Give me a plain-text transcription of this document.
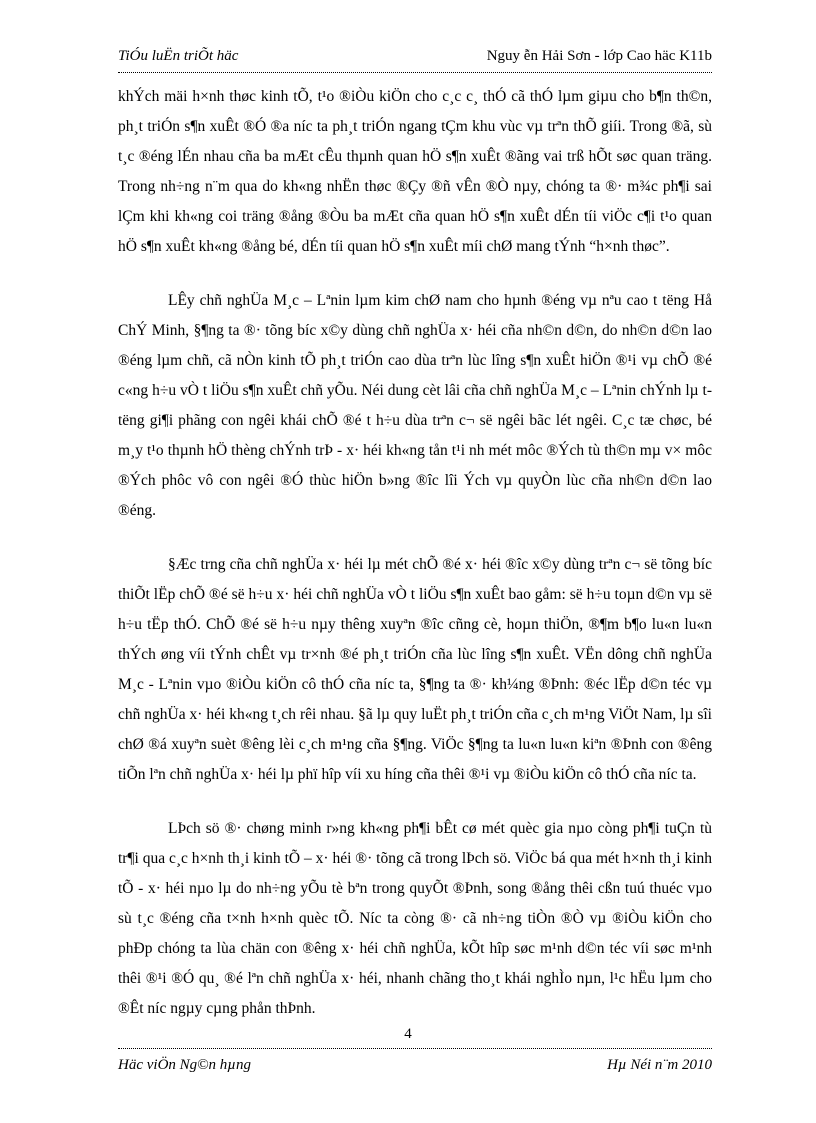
TiÓu luËn triÕt häc	Nguy ễn Hải Sơn - lớp Cao häc K11b

khÝch mäi h×nh thøc kinh tÕ, t¹o ®iÒu kiÖn cho c¸c c¸ thÓ cã thÓ lµm giµu cho b¶n th©n, ph¸t triÓn s¶n xuÊt ®Ó ®a níc ta ph¸t triÓn ngang tÇm khu vùc vµ trªn thÕ giíi. Trong ®ã, sù t¸c ®éng lÉn nhau cña ba mÆt cÊu thµnh quan hÖ s¶n xuÊt ®ãng vai trß hÕt søc quan träng. Trong nh÷ng n¨m qua do kh«ng nhËn thøc ®Çy ®ñ vÊn ®Ò nµy, chóng ta ®· m¾c ph¶i sai lÇm khi kh«ng coi träng ®ång ®Òu ba mÆt cña quan hÖ s¶n xuÊt dÉn tíi viÖc c¶i t¹o quan hÖ s¶n xuÊt kh«ng ®ång bé, dÉn tíi quan hÖ s¶n xuÊt míi chØ mang tÝnh “h×nh thøc”.

LÊy chñ nghÜa M¸c – Lªnin lµm kim chØ nam cho hµnh ®éng vµ nªu cao t tëng Hå ChÝ Minh, §¶ng ta ®· tõng bíc x©y dùng chñ nghÜa x· héi cña nh©n d©n, do nh©n d©n lao ®éng lµm chñ, cã nÒn kinh tÕ ph¸t triÓn cao dùa trªn lùc lîng s¶n xuÊt hiÖn ®¹i vµ chÕ ®é c«ng h÷u vÒ t liÖu s¶n xuÊt chñ yÕu. Néi dung cèt lâi cña chñ nghÜa M¸c – Lªnin chÝnh lµ t tëng gi¶i phãng con ngêi khái chÕ ®é t h÷u dùa trªn c¬ së ngêi bãc lét ngêi. C¸c tæ chøc, bé m¸y t¹o thµnh hÖ thèng chÝnh trÞ - x· héi kh«ng tån t¹i nh mét môc ®Ých tù th©n mµ v× môc ®Ých phôc vô con ngêi ®Ó thùc hiÖn b»ng ®îc lîi Ých vµ quyÒn lùc cña nh©n d©n lao ®éng.

§Æc trng cña chñ nghÜa x· héi lµ mét chÕ ®é x· héi ®îc x©y dùng trªn c¬ së tõng bíc thiÕt lËp chÕ ®é së h÷u x· héi chñ nghÜa vÒ t liÖu s¶n xuÊt bao gåm: së h÷u toµn d©n vµ së h÷u tËp thÓ. ChÕ ®é së h÷u nµy thêng xuyªn ®îc cñng cè, hoµn thiÖn, ®¶m b¶o lu«n lu«n thÝch øng víi tÝnh chÊt vµ tr×nh ®é ph¸t triÓn cña lùc lîng s¶n xuÊt. VËn dông chñ nghÜa M¸c - Lªnin vµo ®iÒu kiÖn cô thÓ cña níc ta, §¶ng ta ®· kh¼ng ®Þnh: ®éc lËp d©n téc vµ chñ nghÜa x· héi kh«ng t¸ch rêi nhau. §ã lµ quy luËt ph¸t triÓn cña c¸ch m¹ng ViÖt Nam, lµ sîi chØ ®á xuyªn suèt ®êng lèi c¸ch m¹ng cña §¶ng. ViÖc §¶ng ta lu«n lu«n kiªn ®Þnh con ®êng tiÕn lªn chñ nghÜa x· héi lµ phï hîp víi xu híng cña thêi ®¹i vµ ®iÒu kiÖn cô thÓ cña níc ta.

LÞch sö ®· chøng minh r»ng kh«ng ph¶i bÊt cø mét quèc gia nµo còng ph¶i tuÇn tù tr¶i qua c¸c h×nh th¸i kinh tÕ – x· héi ®· tõng cã trong lÞch sö. ViÖc bá qua mét h×nh th¸i kinh tÕ - x· héi nµo lµ do nh÷ng yÕu tè bªn trong quyÕt ®Þnh, song ®ång thêi cßn tuú thuéc vµo sù t¸c ®éng cña t×nh h×nh quèc tÕ. Níc ta còng ®· cã nh÷ng tiÒn ®Ò vµ ®iÒu kiÖn cho phÐp chóng ta lùa chän con ®êng x· héi chñ nghÜa, kÕt hîp søc m¹nh d©n téc víi søc m¹nh thêi ®¹i ®Ó qu¸ ®é lªn chñ nghÜa x· héi, nhanh chãng tho¸t khái nghÌo nµn, l¹c hËu lµm cho ®Êt níc ngµy cµng phån thÞnh.

4
Häc viÖn Ng©n hµng	Hµ Néi n¨m 2010
